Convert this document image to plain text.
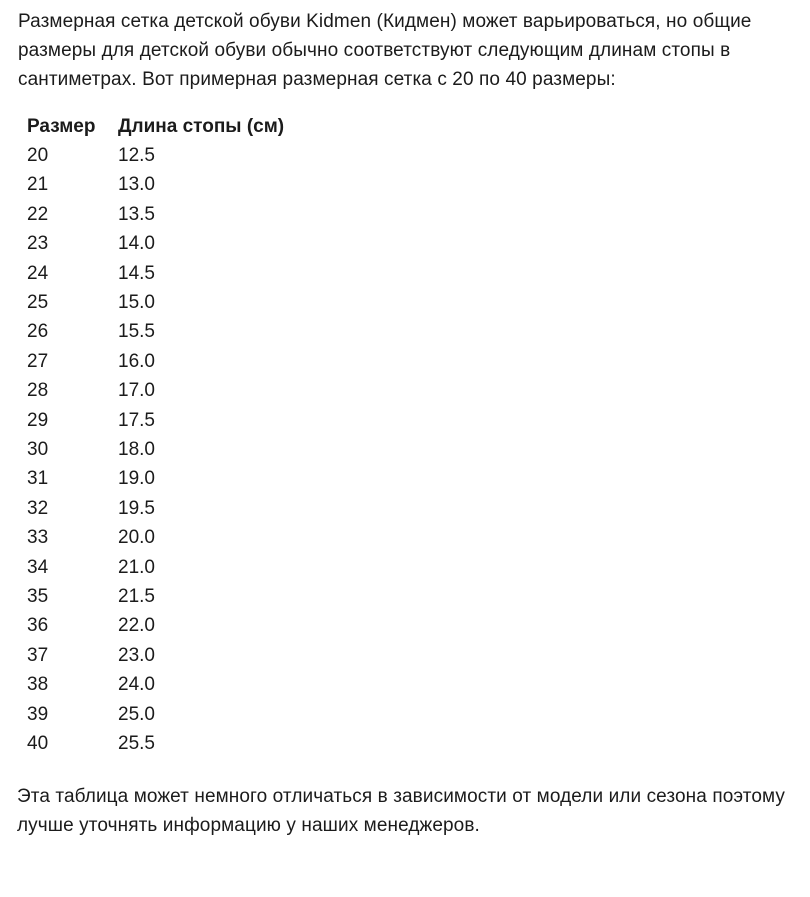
Размерная сетка детской обуви Kidmen (Кидмен) может варьироваться, но общие размеры для детской обуви обычно соответствуют следующим длинам стопы в сантиметрах. Вот примерная размерная сетка с 20 по 40 размеры:

Размер	Длина стопы (см)
20	12.5
21	13.0
22	13.5
23	14.0
24	14.5
25	15.0
26	15.5
27	16.0
28	17.0
29	17.5
30	18.0
31	19.0
32	19.5
33	20.0
34	21.0
35	21.5
36	22.0
37	23.0
38	24.0
39	25.0
40	25.5

Эта таблица может немного отличаться в зависимости от модели или сезона поэтому лучше уточнять информацию у наших менеджеров.
